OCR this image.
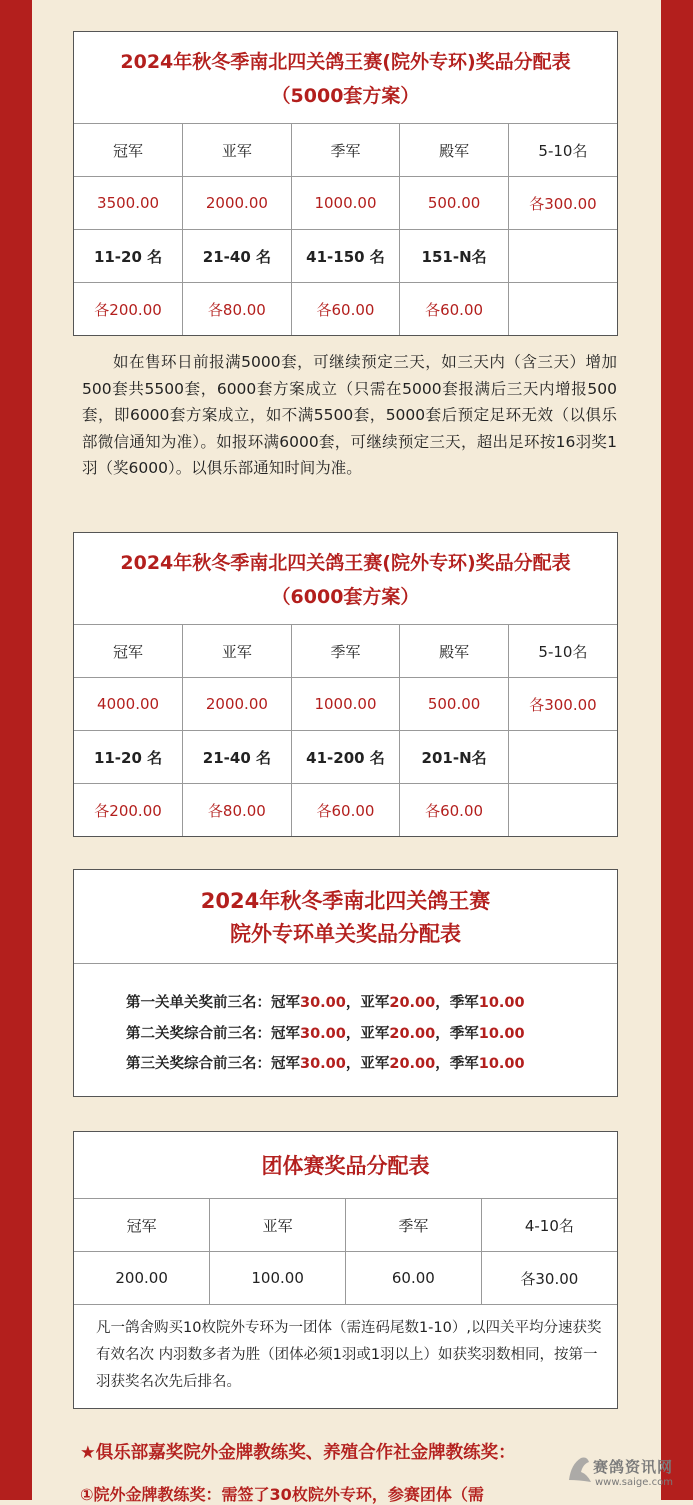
2024年秋冬季南北四关鸽王赛(院外专环)奖品分配表
（5000套方案）
冠军	亚军	季军	殿军	5-10名
3500.00	2000.00	1000.00	500.00	各300.00
11-20 名	21-40 名	41-150 名	151-N名	
各200.00	各80.00	各60.00	各60.00	
如在售环日前报满5000套，可继续预定三天，如三天内（含三天）增加500套共5500套，6000套方案成立（只需在5000套报满后三天内增报500套，即6000套方案成立，如不满5500套，5000套后预定足环无效（以俱乐部微信通知为准）。如报环满6000套，可继续预定三天，超出足环按16羽奖1羽（奖6000）。以俱乐部通知时间为准。
2024年秋冬季南北四关鸽王赛(院外专环)奖品分配表
（6000套方案）
冠军	亚军	季军	殿军	5-10名
4000.00	2000.00	1000.00	500.00	各300.00
11-20 名	21-40 名	41-200 名	201-N名	
各200.00	各80.00	各60.00	各60.00	
2024年秋冬季南北四关鸽王赛
院外专环单关奖品分配表
第一关单关奖前三名：冠军30.00，亚军20.00，季军10.00
第二关奖综合前三名：冠军30.00，亚军20.00，季军10.00
第三关奖综合前三名：冠军30.00，亚军20.00，季军10.00
团体赛奖品分配表
冠军	亚军	季军	4-10名
200.00	100.00	60.00	各30.00
凡一鸽舍购买10枚院外专环为一团体（需连码尾数1-10）,以四关平均分速获奖有效名次 内羽数多者为胜（团体必须1羽或1羽以上）如获奖羽数相同，按第一羽获奖名次先后排名。
★俱乐部嘉奖院外金牌教练奖、养殖合作社金牌教练奖：
①院外金牌教练奖：需签了30枚院外专环，参赛团体（需
赛鸽资讯网
www.saige.com
